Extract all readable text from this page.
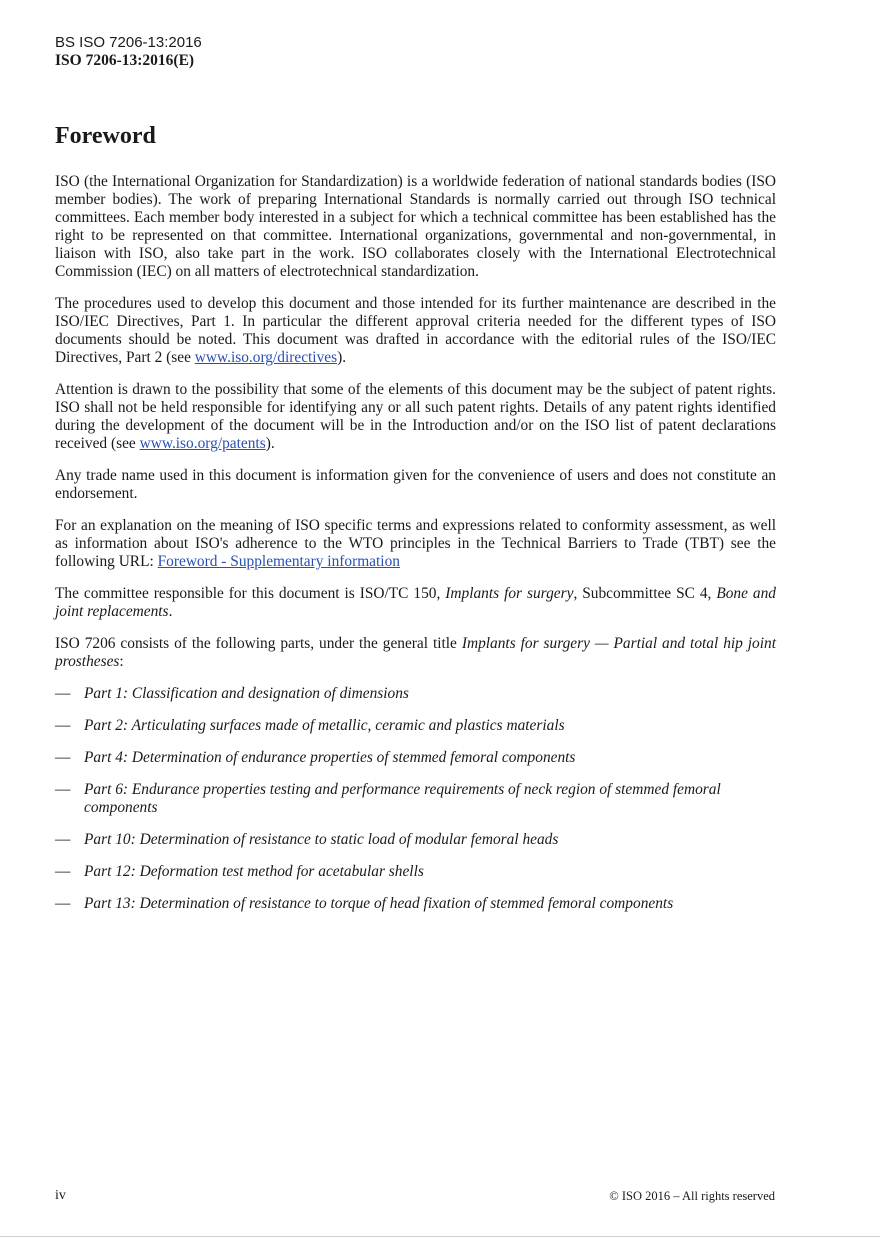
BS ISO 7206-13:2016
ISO 7206-13:2016(E)
Foreword

ISO (the International Organization for Standardization) is a worldwide federation of national standards bodies (ISO member bodies). The work of preparing International Standards is normally carried out through ISO technical committees. Each member body interested in a subject for which a technical committee has been established has the right to be represented on that committee. International organizations, governmental and non-governmental, in liaison with ISO, also take part in the work. ISO collaborates closely with the International Electrotechnical Commission (IEC) on all matters of electrotechnical standardization.

The procedures used to develop this document and those intended for its further maintenance are described in the ISO/IEC Directives, Part 1. In particular the different approval criteria needed for the different types of ISO documents should be noted. This document was drafted in accordance with the editorial rules of the ISO/IEC Directives, Part 2 (see www.iso.org/directives).

Attention is drawn to the possibility that some of the elements of this document may be the subject of patent rights. ISO shall not be held responsible for identifying any or all such patent rights. Details of any patent rights identified during the development of the document will be in the Introduction and/or on the ISO list of patent declarations received (see www.iso.org/patents).

Any trade name used in this document is information given for the convenience of users and does not constitute an endorsement.

For an explanation on the meaning of ISO specific terms and expressions related to conformity assessment, as well as information about ISO's adherence to the WTO principles in the Technical Barriers to Trade (TBT) see the following URL: Foreword - Supplementary information

The committee responsible for this document is ISO/TC 150, Implants for surgery, Subcommittee SC 4, Bone and joint replacements.

ISO 7206 consists of the following parts, under the general title Implants for surgery — Partial and total hip joint prostheses:

— Part 1: Classification and designation of dimensions
— Part 2: Articulating surfaces made of metallic, ceramic and plastics materials
— Part 4: Determination of endurance properties of stemmed femoral components
— Part 6: Endurance properties testing and performance requirements of neck region of stemmed femoral components
— Part 10: Determination of resistance to static load of modular femoral heads
— Part 12: Deformation test method for acetabular shells
— Part 13: Determination of resistance to torque of head fixation of stemmed femoral components
iv	© ISO 2016 – All rights reserved
